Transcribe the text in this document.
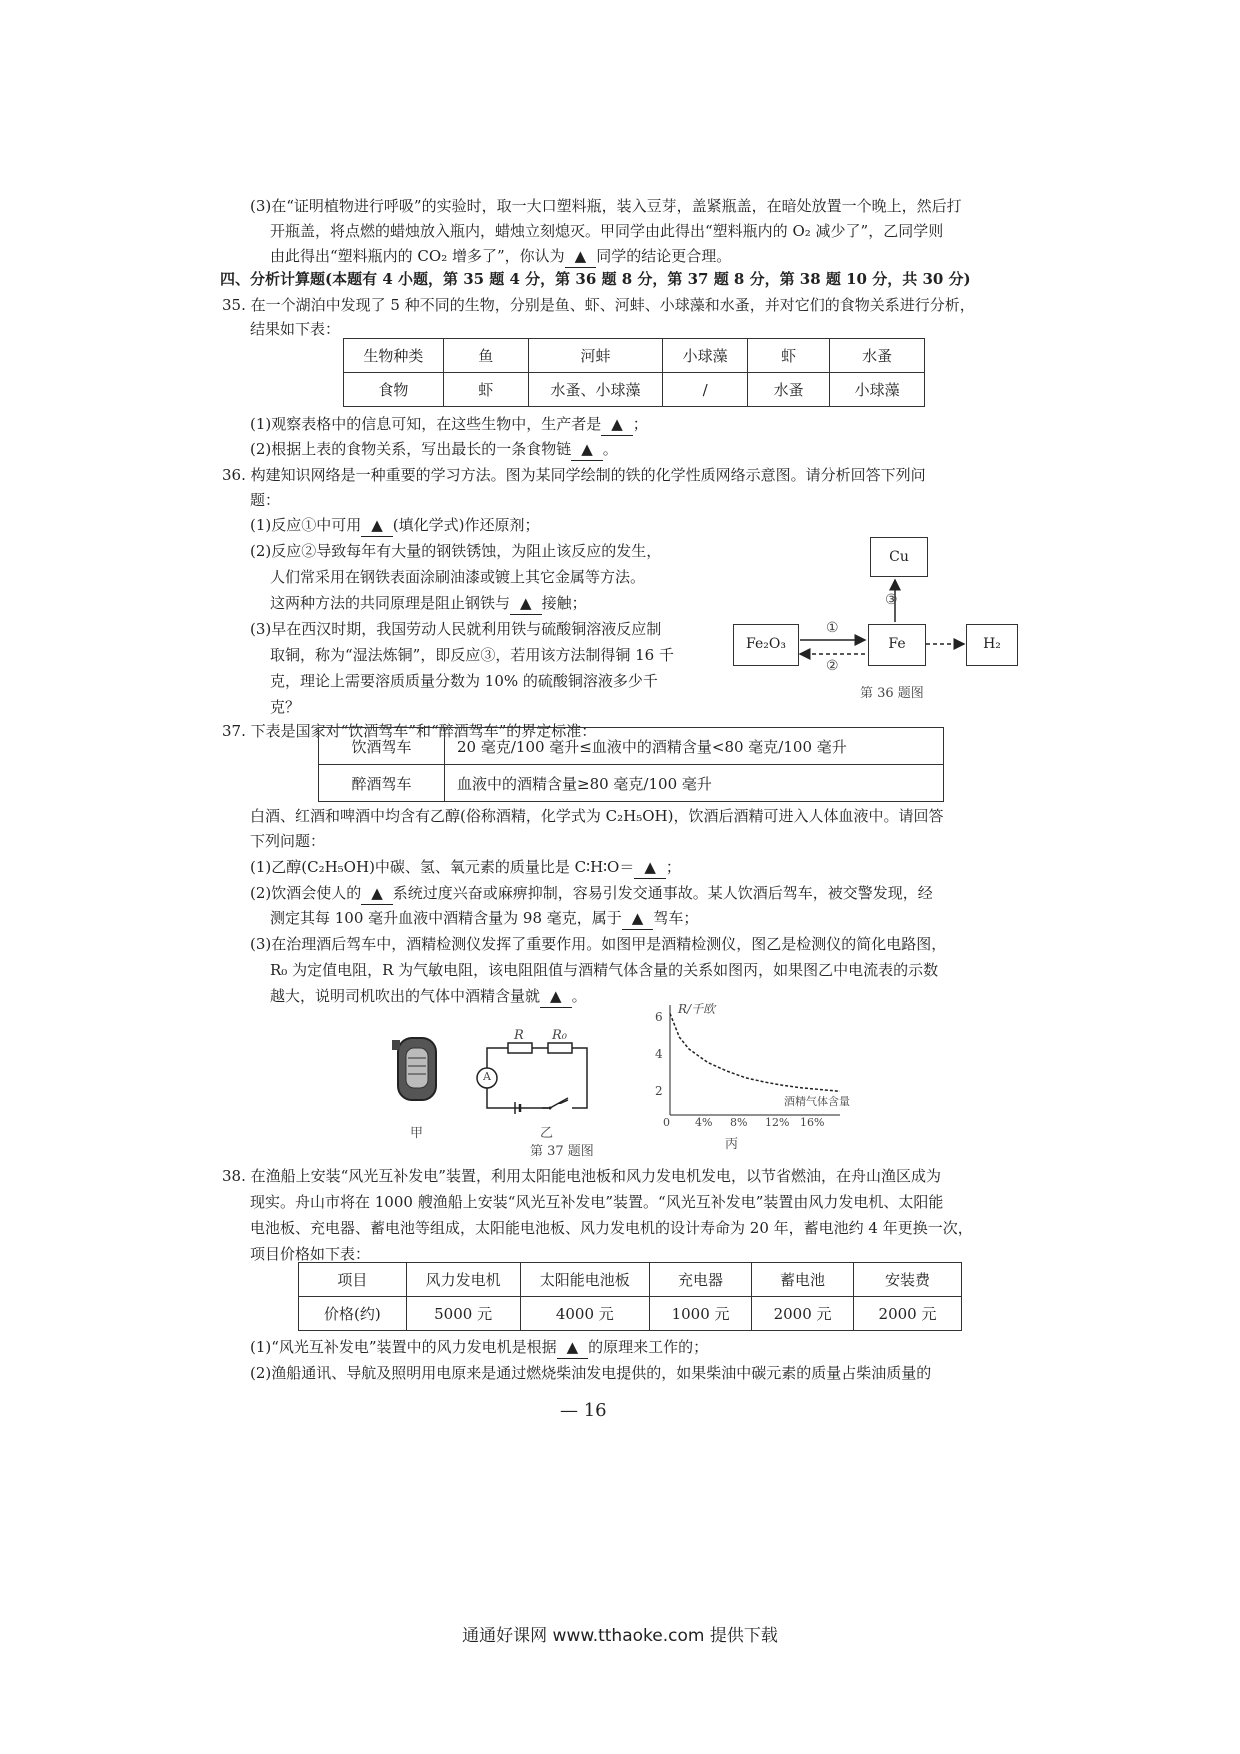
(3)在“证明植物进行呼吸”的实验时，取一大口塑料瓶，装入豆芽，盖紧瓶盖，在暗处放置一个晚上，然后打
开瓶盖，将点燃的蜡烛放入瓶内，蜡烛立刻熄灭。甲同学由此得出“塑料瓶内的 O₂ 减少了”，乙同学则
由此得出“塑料瓶内的 CO₂ 增多了”，你认为 ▲ 同学的结论更合理。
四、分析计算题(本题有 4 小题，第 35 题 4 分，第 36 题 8 分，第 37 题 8 分，第 38 题 10 分，共 30 分)
35. 在一个湖泊中发现了 5 种不同的生物，分别是鱼、虾、河蚌、小球藻和水蚤，并对它们的食物关系进行分析，
结果如下表：
生物种类	鱼	河蚌	小球藻	虾	水蚤
食物	虾	水蚤、小球藻	/	水蚤	小球藻
(1)观察表格中的信息可知，在这些生物中，生产者是 ▲ ；
(2)根据上表的食物关系，写出最长的一条食物链 ▲ 。
36. 构建知识网络是一种重要的学习方法。图为某同学绘制的铁的化学性质网络示意图。请分析回答下列问
题：
(1)反应①中可用 ▲ (填化学式)作还原剂；
(2)反应②导致每年有大量的钢铁锈蚀，为阻止该反应的发生，
人们常采用在钢铁表面涂刷油漆或镀上其它金属等方法。
这两种方法的共同原理是阻止钢铁与 ▲ 接触；
(3)早在西汉时期，我国劳动人民就利用铁与硫酸铜溶液反应制
取铜，称为“湿法炼铜”，即反应③，若用该方法制得铜 16 千
克，理论上需要溶质质量分数为 10% 的硫酸铜溶液多少千
克？
Cu
Fe₂O₃	Fe	H₂
③
①
②
第 36 题图
37. 下表是国家对“饮酒驾车”和“醉酒驾车”的界定标准：
饮酒驾车	20 毫克/100 毫升≤血液中的酒精含量<80 毫克/100 毫升
醉酒驾车	血液中的酒精含量≥80 毫克/100 毫升
白酒、红酒和啤酒中均含有乙醇(俗称酒精，化学式为 C₂H₅OH)，饮酒后酒精可进入人体血液中。请回答
下列问题：
(1)乙醇(C₂H₅OH)中碳、氢、氧元素的质量比是 C∶H∶O＝ ▲ ；
(2)饮酒会使人的 ▲ 系统过度兴奋或麻痹抑制，容易引发交通事故。某人饮酒后驾车，被交警发现，经
测定其每 100 毫升血液中酒精含量为 98 毫克，属于 ▲ 驾车；
(3)在治理酒后驾车中，酒精检测仪发挥了重要作用。如图甲是酒精检测仪，图乙是检测仪的简化电路图，
R₀ 为定值电阻，R 为气敏电阻，该电阻阻值与酒精气体含量的关系如图丙，如果图乙中电流表的示数
越大，说明司机吹出的气体中酒精含量就 ▲ 。
甲
R R₀
A
乙
R/千欧
酒精气体含量
6
4
2
0 4% 8% 12% 16%
丙
第 37 题图
38. 在渔船上安装“风光互补发电”装置，利用太阳能电池板和风力发电机发电，以节省燃油，在舟山渔区成为
现实。舟山市将在 1000 艘渔船上安装“风光互补发电”装置。“风光互补发电”装置由风力发电机、太阳能
电池板、充电器、蓄电池等组成，太阳能电池板、风力发电机的设计寿命为 20 年，蓄电池约 4 年更换一次，
项目价格如下表：
项目	风力发电机	太阳能电池板	充电器	蓄电池	安装费
价格(约)	5000 元	4000 元	1000 元	2000 元	2000 元
(1)“风光互补发电”装置中的风力发电机是根据 ▲ 的原理来工作的；
(2)渔船通讯、导航及照明用电原来是通过燃烧柴油发电提供的，如果柴油中碳元素的质量占柴油质量的
— 16
通通好课网 www.tthaoke.com 提供下载
